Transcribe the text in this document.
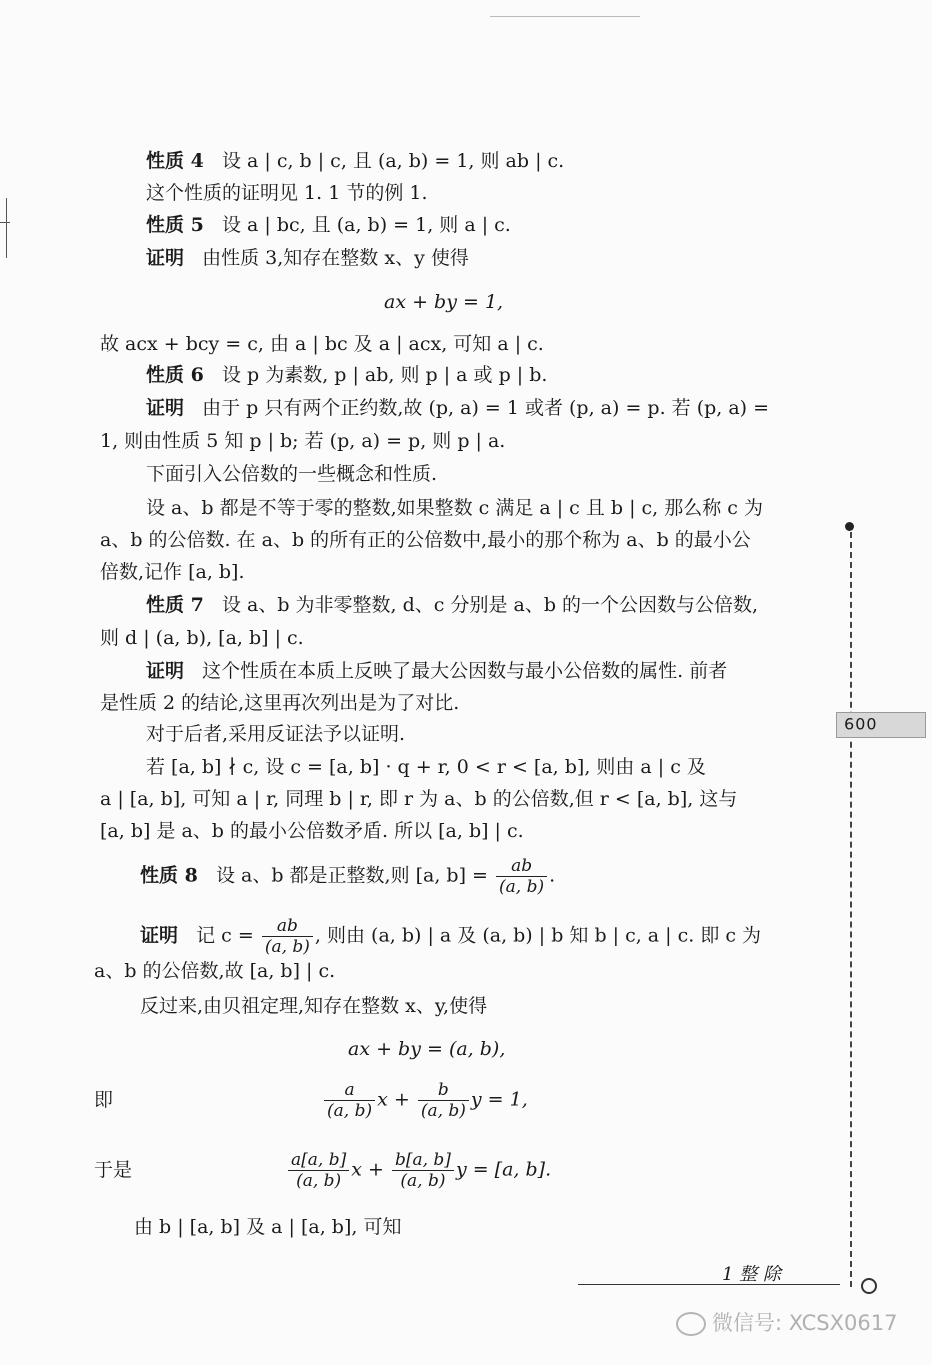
性质 4 设 a | c, b | c, 且 (a, b) = 1, 则 ab | c.
这个性质的证明见 1. 1 节的例 1.
性质 5 设 a | bc, 且 (a, b) = 1, 则 a | c.
证明 由性质 3,知存在整数 x、y 使得
ax + by = 1,
故 acx + bcy = c, 由 a | bc 及 a | acx, 可知 a | c.
性质 6 设 p 为素数, p | ab, 则 p | a 或 p | b.
证明 由于 p 只有两个正约数,故 (p, a) = 1 或者 (p, a) = p. 若 (p, a) =
1, 则由性质 5 知 p | b; 若 (p, a) = p, 则 p | a.
下面引入公倍数的一些概念和性质.
设 a、b 都是不等于零的整数,如果整数 c 满足 a | c 且 b | c, 那么称 c 为
a、b 的公倍数. 在 a、b 的所有正的公倍数中,最小的那个称为 a、b 的最小公
倍数,记作 [a, b].
性质 7 设 a、b 为非零整数, d、c 分别是 a、b 的一个公因数与公倍数,
则 d | (a, b), [a, b] | c.
证明 这个性质在本质上反映了最大公因数与最小公倍数的属性. 前者
是性质 2 的结论,这里再次列出是为了对比.
对于后者,采用反证法予以证明.
若 [a, b] ∤ c, 设 c = [a, b] · q + r, 0 < r < [a, b], 则由 a | c 及
a | [a, b], 可知 a | r, 同理 b | r, 即 r 为 a、b 的公倍数,但 r < [a, b], 这与
[a, b] 是 a、b 的最小公倍数矛盾. 所以 [a, b] | c.
性质 8 设 a、b 都是正整数,则 [a, $b] = \frac{ab}{(a, b)}$ .
证明 记 $c = \frac{ab}{(a, b)}$ , 则由 (a, b) | a 及 (a, b) | b 知 b | c, a | c. 即 c 为
a、b 的公倍数,故 [a, b] | c.
反过来,由贝祖定理,知存在整数 x、y,使得
ax + by = (a, b),
即	$\frac{a}{(a, b)}$ $x + \frac{b}{(a, b)}$ y = 1,
于是	$\frac{a[a, b]}{(a, b)}$ $x + \frac{b[a, b]}{(a, b)}$ y = [a, b].
由 b | [a, b] 及 a | [a, b], 可知
009
1 整 除
微信号: XCSX0617
